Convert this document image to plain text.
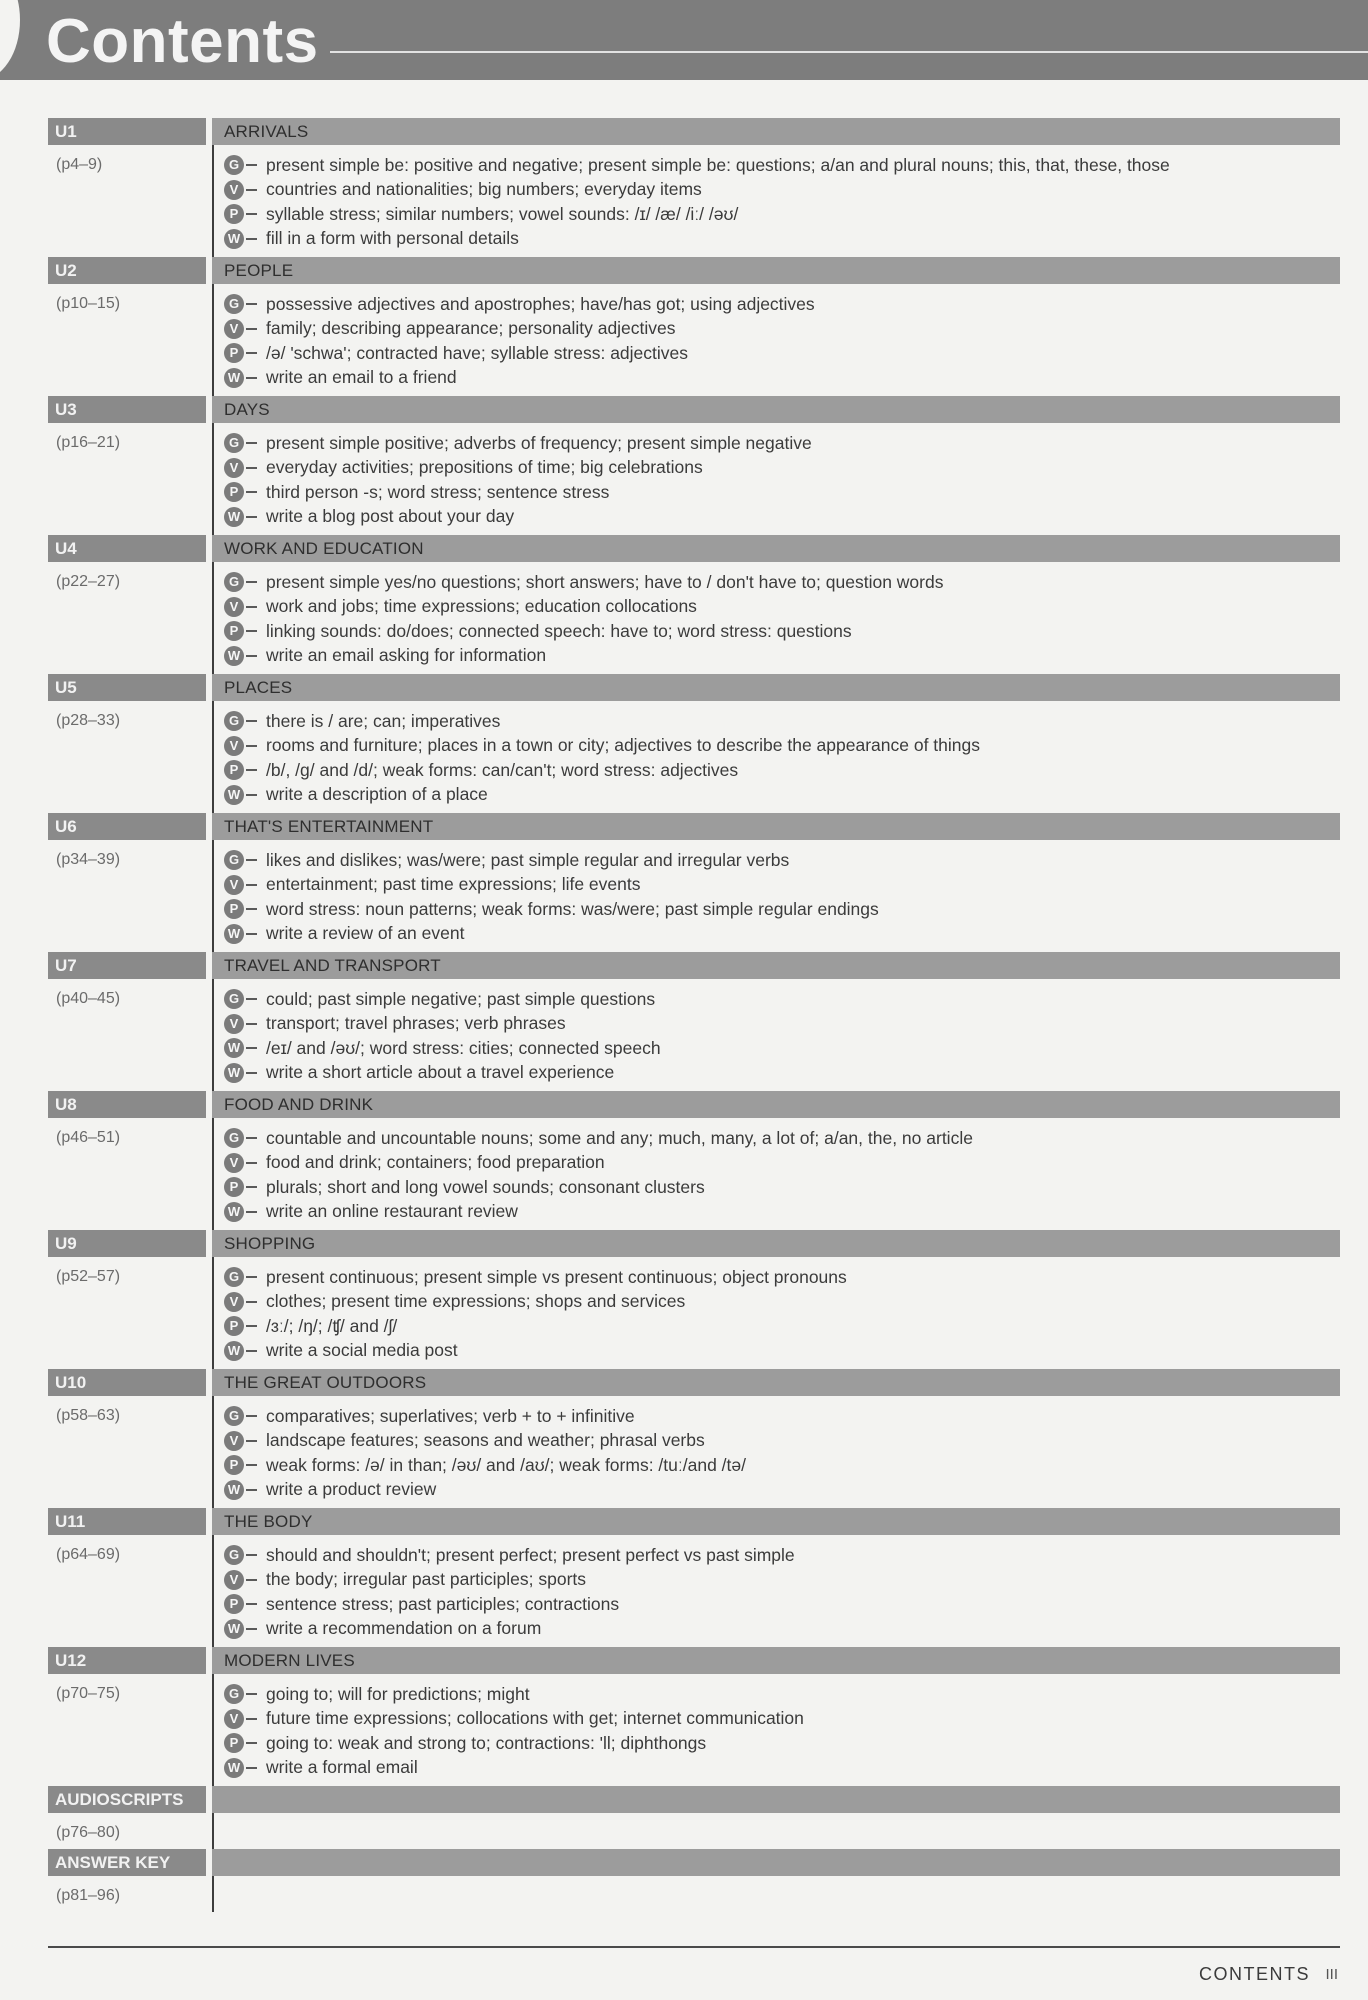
Contents
U1	ARRIVALS
(p4–9)	G present simple be: positive and negative; present simple be: questions; a/an and plural nouns; this, that, these, those
V	countries and nationalities; big numbers; everyday items
P	syllable stress; similar numbers; vowel sounds: /ɪ/ /æ/ /iː/ /əʊ/
W fill in a form with personal details
U2	PEOPLE
(p10–15)	G possessive adjectives and apostrophes; have/has got; using adjectives
V	family; describing appearance; personality adjectives
P	/ə/ 'schwa'; contracted have; syllable stress: adjectives
W write an email to a friend
U3	DAYS
(p16–21)	G present simple positive; adverbs of frequency; present simple negative
V	everyday activities; prepositions of time; big celebrations
P	third person -s; word stress; sentence stress
W write a blog post about your day
U4	WORK AND EDUCATION
(p22–27)	G present simple yes/no questions; short answers; have to / don't have to; question words
V	work and jobs; time expressions; education collocations
P	linking sounds: do/does; connected speech: have to; word stress: questions
W write an email asking for information
U5	PLACES
(p28–33)	G there is / are; can; imperatives
V	rooms and furniture; places in a town or city; adjectives to describe the appearance of things
P	/b/, /g/ and /d/; weak forms: can/can't; word stress: adjectives
W write a description of a place
U6	THAT'S ENTERTAINMENT
(p34–39)	G likes and dislikes; was/were; past simple regular and irregular verbs
V	entertainment; past time expressions; life events
P	word stress: noun patterns; weak forms: was/were; past simple regular endings
W write a review of an event
U7	TRAVEL AND TRANSPORT
(p40–45)	G could; past simple negative; past simple questions
V	transport; travel phrases; verb phrases
W /eɪ/ and /əʊ/; word stress: cities; connected speech
W write a short article about a travel experience
U8	FOOD AND DRINK
(p46–51)	G countable and uncountable nouns; some and any; much, many, a lot of; a/an, the, no article
V	food and drink; containers; food preparation
P	plurals; short and long vowel sounds; consonant clusters
W write an online restaurant review
U9	SHOPPING
(p52–57)	G present continuous; present simple vs present continuous; object pronouns
V	clothes; present time expressions; shops and services
P	/ɜː/; /ŋ/; /ʧ/ and /ʃ/
W write a social media post
U10	THE GREAT OUTDOORS
(p58–63)	G comparatives; superlatives; verb + to + infinitive
V	landscape features; seasons and weather; phrasal verbs
P	weak forms: /ə/ in than; /əʊ/ and /aʊ/; weak forms: /tuː/and /tə/
W write a product review
U11	THE BODY
(p64–69)	G should and shouldn't; present perfect; present perfect vs past simple
V	the body; irregular past participles; sports
P	sentence stress; past participles; contractions
W write a recommendation on a forum
U12	MODERN LIVES
(p70–75)	G going to; will for predictions; might
V	future time expressions; collocations with get; internet communication
P	going to: weak and strong to; contractions: 'll; diphthongs
W write a formal email
AUDIOSCRIPTS
(p76–80)
ANSWER KEY
(p81–96)
CONTENTS III
